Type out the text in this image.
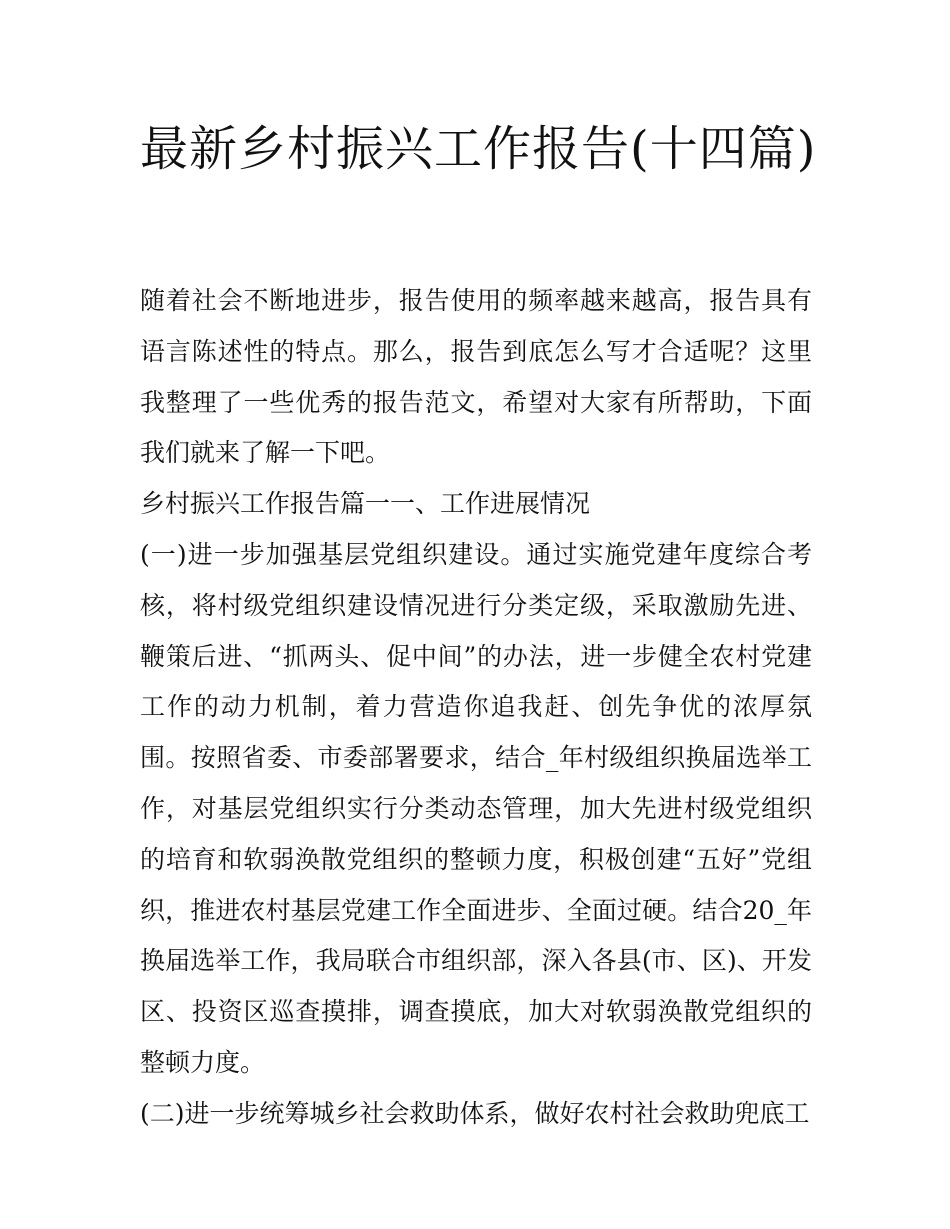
最新乡村振兴工作报告(十四篇)

随着社会不断地进步，报告使用的频率越来越高，报告具有语言陈述性的特点。那么，报告到底怎么写才合适呢？这里我整理了一些优秀的报告范文，希望对大家有所帮助，下面我们就来了解一下吧。

乡村振兴工作报告篇一一、工作进展情况

(一)进一步加强基层党组织建设。通过实施党建年度综合考核，将村级党组织建设情况进行分类定级，采取激励先进、鞭策后进、“抓两头、促中间”的办法，进一步健全农村党建工作的动力机制，着力营造你追我赶、创先争优的浓厚氛围。按照省委、市委部署要求，结合_年村级组织换届选举工作，对基层党组织实行分类动态管理，加大先进村级党组织的培育和软弱涣散党组织的整顿力度，积极创建“五好”党组织，推进农村基层党建工作全面进步、全面过硬。结合20_年换届选举工作，我局联合市组织部，深入各县(市、区)、开发区、投资区巡查摸排，调查摸底，加大对软弱涣散党组织的整顿力度。

(二)进一步统筹城乡社会救助体系，做好农村社会救助兜底工
